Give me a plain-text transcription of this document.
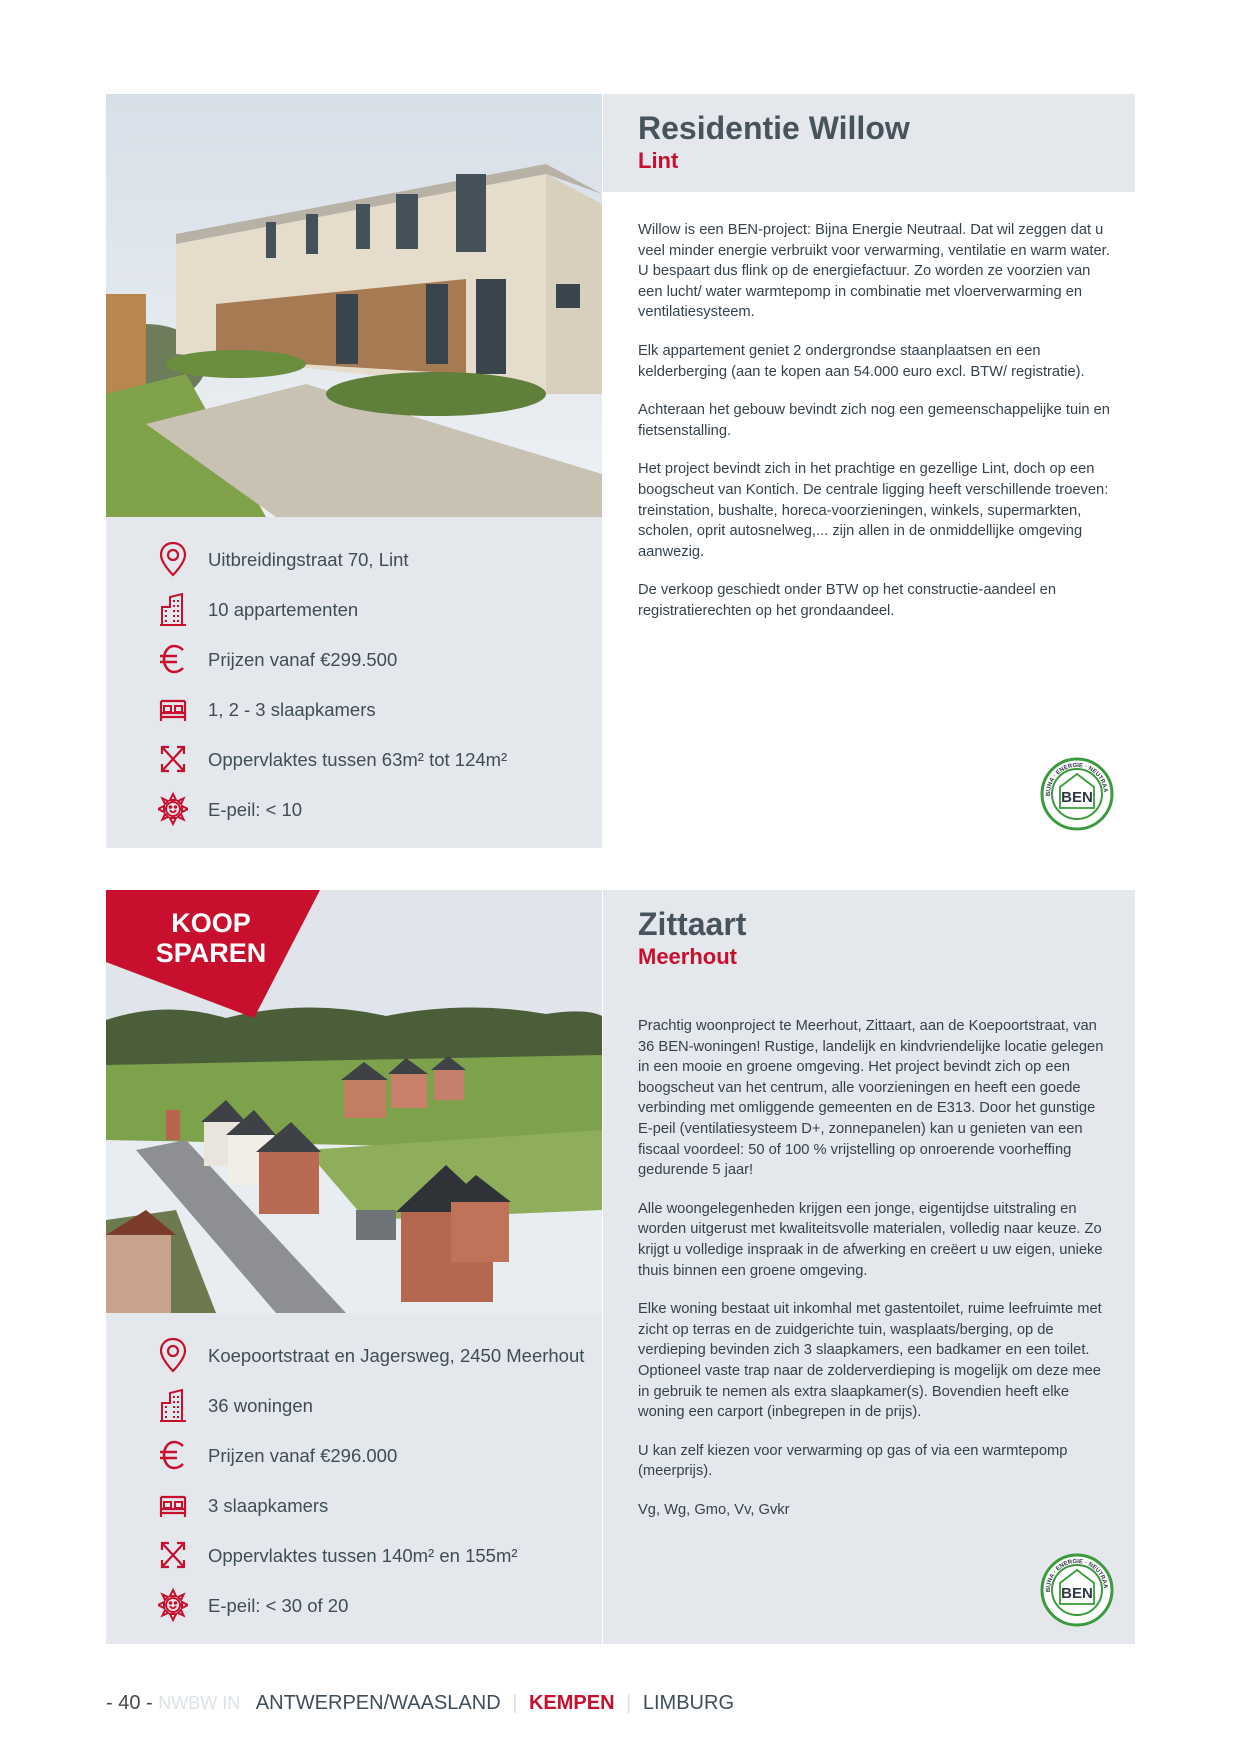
Uitbreidingstraat 70, Lint
10 appartementen
Prijzen vanaf €299.500
1, 2 - 3 slaapkamers
Oppervlaktes tussen 63m² tot 124m²
E-peil: < 10
Residentie Willow
Lint

Willow is een BEN-project: Bijna Energie Neutraal. Dat wil zeggen dat u veel minder energie verbruikt voor verwarming, ventilatie en warm water. U bespaart dus flink op de energiefactuur. Zo worden ze voorzien van een lucht/ water warmtepomp in combinatie met vloerverwarming en ventilatiesysteem.

Elk appartement geniet 2 ondergrondse staanplaatsen en een kelderberging (aan te kopen aan 54.000 euro excl. BTW/ registratie).

Achteraan het gebouw bevindt zich nog een gemeenschappelijke tuin en fietsenstalling.

Het project bevindt zich in het prachtige en gezellige Lint, doch op een boogscheut van Kontich. De centrale ligging heeft verschillende troeven: treinstation, bushalte, horeca-voorzieningen, winkels, supermarkten, scholen, oprit autosnelweg,... zijn allen in de onmiddellijke omgeving aanwezig.

De verkoop geschiedt onder BTW op het constructie-aandeel en registratierechten op het grondaandeel.

BIJNA · ENERGIE · NEUTRAA
BEN
KOOP
SPAREN
Koepoortstraat en Jagersweg, 2450 Meerhout
36 woningen
Prijzen vanaf €296.000
3 slaapkamers
Oppervlaktes tussen 140m² en 155m²
E-peil: < 30 of 20
Zittaart
Meerhout

Prachtig woonproject te Meerhout, Zittaart, aan de Koepoortstraat, van 36 BEN-woningen! Rustige, landelijk en kindvriendelijke locatie gelegen in een mooie en groene omgeving. Het project bevindt zich op een boogscheut van het centrum, alle voorzieningen en heeft een goede verbinding met omliggende gemeenten en de E313. Door het gunstige E-peil (ventilatiesysteem D+, zonnepanelen) kan u genieten van een fiscaal voordeel: 50 of 100 % vrijstelling op onroerende voorheffing gedurende 5 jaar!

Alle woongelegenheden krijgen een jonge, eigentijdse uitstraling en worden uitgerust met kwaliteitsvolle materialen, volledig naar keuze. Zo krijgt u volledige inspraak in de afwerking en creëert u uw eigen, unieke thuis binnen een groene omgeving.

Elke woning bestaat uit inkomhal met gastentoilet, ruime leefruimte met zicht op terras en de zuidgerichte tuin, wasplaats/berging, op de verdieping bevinden zich 3 slaapkamers, een badkamer en een toilet. Optioneel vaste trap naar de zolderverdieping is mogelijk om deze mee in gebruik te nemen als extra slaapkamer(s). Bovendien heeft elke woning een carport (inbegrepen in de prijs).

U kan zelf kiezen voor verwarming op gas of via een warmtepomp (meerprijs).

Vg, Wg, Gmo, Vv, Gvkr

BIJNA · ENERGIE · NEUTRAA
BEN
- 40 - NWBW IN ANTWERPEN/WAASLAND | KEMPEN | LIMBURG
